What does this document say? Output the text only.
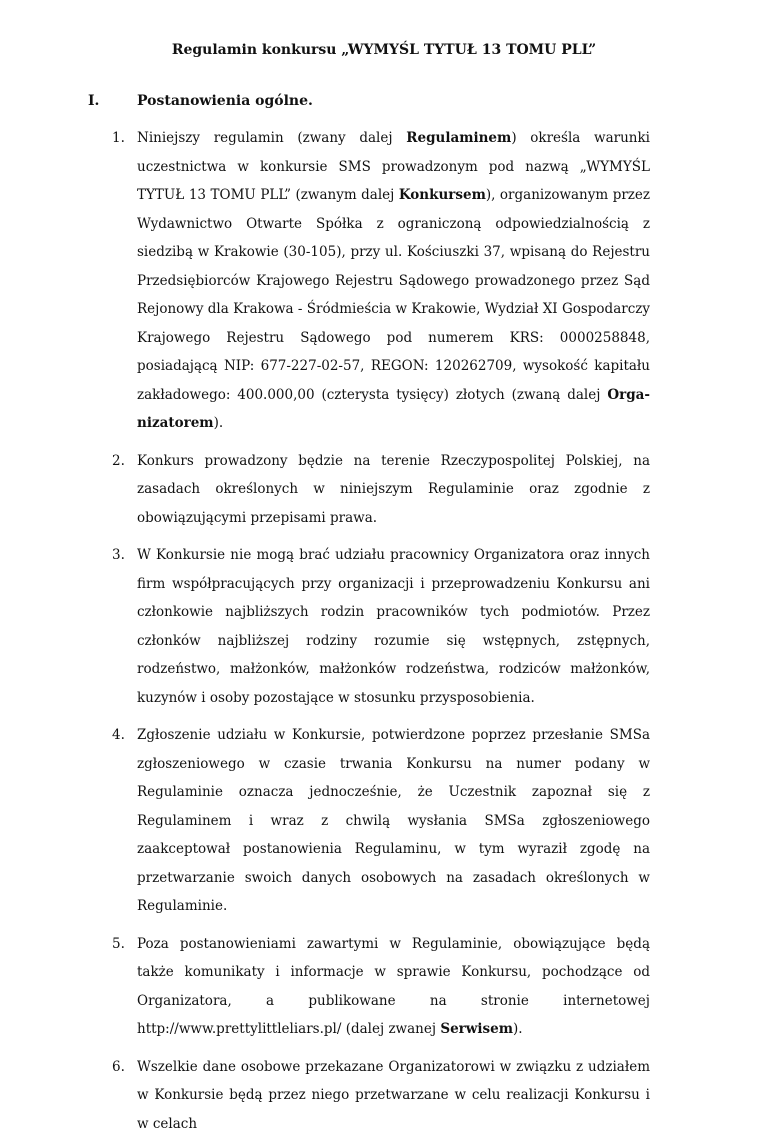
Regulamin konkursu „WYMYŚL TYTUŁ 13 TOMU PLL”
I.	Postanowienia ogólne.
1. Niniejszy regulamin (zwany dalej Regulaminem) określa warunki uczestnictwa w konkursie SMS prowadzonym pod nazwą „WYMYŚL TYTUŁ 13 TOMU PLL” (zwanym dalej Konkursem), organizowanym przez Wydawnictwo Otwarte Spółka z ograniczoną odpowiedzialnością z siedzibą w Krakowie (30-105), przy ul. Kościuszki 37, wpisaną do Rejestru Przedsiębiorców Krajowego Rejestru Sądowego prowadzonego przez Sąd Rejonowy dla Krakowa - Śródmieścia w Krakowie, Wydział XI Gospodarczy Krajowego Rejestru Sądowego pod numerem KRS: 0000258848, posiadającą NIP: 677-227-02-57, REGON: 120262709, wysokość kapitału zakładowego: 400.000,00 (czterysta tysięcy) złotych (zwaną dalej Organizatorem).

2. Konkurs prowadzony będzie na terenie Rzeczypospolitej Polskiej, na zasadach określonych w niniejszym Regulaminie oraz zgodnie z obowiązującymi przepisami prawa.

3. W Konkursie nie mogą brać udziału pracownicy Organizatora oraz innych firm współpracujących przy organizacji i przeprowadzeniu Konkursu ani członkowie najbliższych rodzin pracowników tych podmiotów. Przez członków najbliższej rodziny rozumie się wstępnych, zstępnych, rodzeństwo, małżonków, małżonków rodzeństwa, rodziców małżonków, kuzynów i osoby pozostające w stosunku przysposobienia.

4. Zgłoszenie udziału w Konkursie, potwierdzone poprzez przesłanie SMSa zgłoszeniowego w czasie trwania Konkursu na numer podany w Regulaminie oznacza jednocześnie, że Uczestnik zapoznał się z Regulaminem i wraz z chwilą wysłania SMSa zgłoszeniowego zaakceptował postanowienia Regulaminu, w tym wyraził zgodę na przetwarzanie swoich danych osobowych na zasadach określonych w Regulaminie.

5. Poza postanowieniami zawartymi w Regulaminie, obowiązujące będą także komunikaty i informacje w sprawie Konkursu, pochodzące od Organizatora, a publikowane na stronie internetowej http://www.prettylittleliars.pl/ (dalej zwanej Serwisem).

6. Wszelkie dane osobowe przekazane Organizatorowi w związku z udziałem w Konkursie będą przez niego przetwarzane w celu realizacji Konkursu i w celach
